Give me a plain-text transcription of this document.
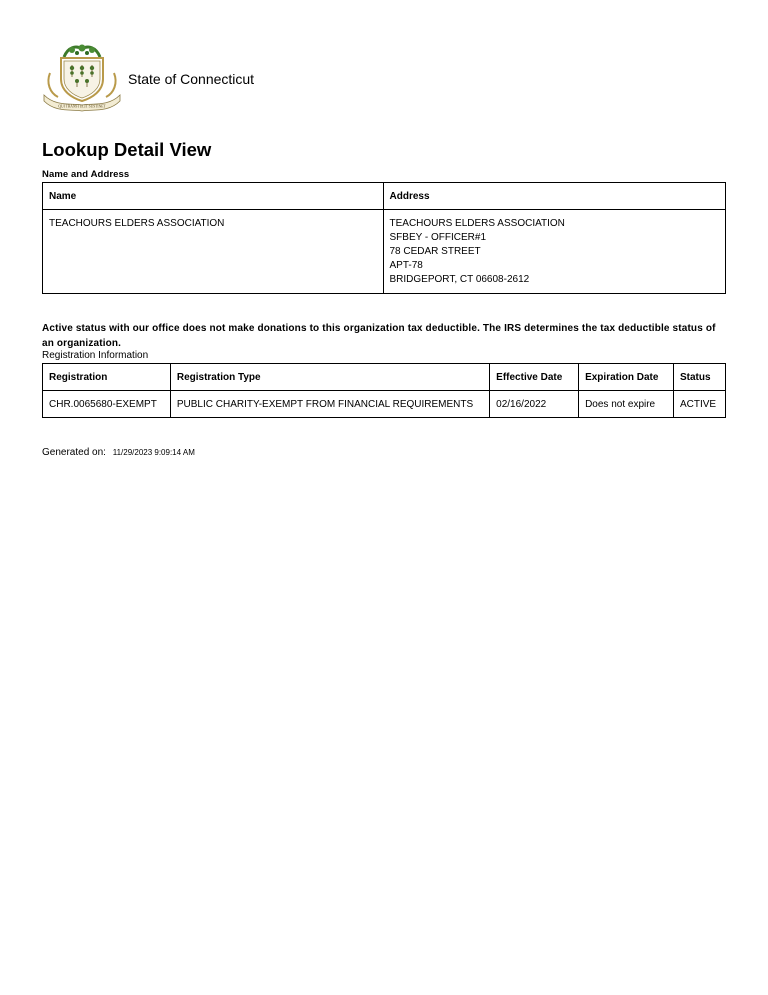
QUI TRANSTULIT SUSTINET
State of Connecticut
Lookup Detail View
Name and Address
Name	Address
TEACHOURS ELDERS ASSOCIATION	TEACHOURS ELDERS ASSOCIATION
SFBEY - OFFICER#1
78 CEDAR STREET
APT-78
BRIDGEPORT, CT 06608-2612

Active status with our office does not make donations to this organization tax deductible. The IRS determines the tax deductible status of an organization.

Registration Information
Registration	Registration Type	Effective Date	Expiration Date	Status
CHR.0065680-EXEMPT	PUBLIC CHARITY-EXEMPT FROM FINANCIAL REQUIREMENTS	02/16/2022	Does not expire	ACTIVE
Generated on: 11/29/2023 9:09:14 AM
